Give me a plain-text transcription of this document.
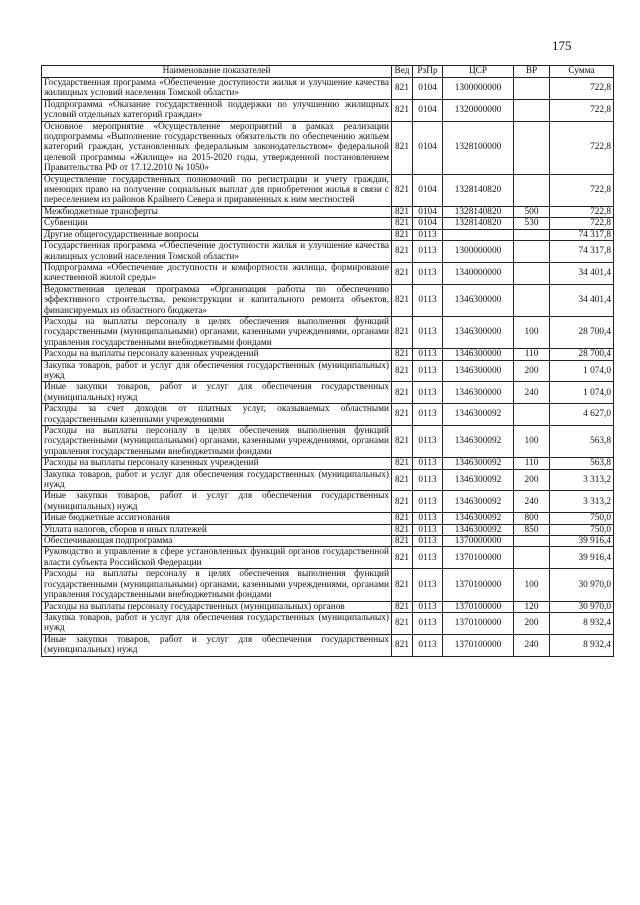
175
Наименование показателей	Вед	РзПр	ЦСР	ВР	Сумма
Государственная программа «Обеспечение доступности жилья и улучшение качества жилищных условий населения Томской области»	821	0104	1300000000		722,8
Подпрограмма «Оказание государственной поддержки по улучшению жилищных условий отдельных категорий граждан»	821	0104	1320000000		722,8
Основное мероприятие «Осуществление мероприятий в рамках реализации подпрограммы «Выполнение государственных обязательств по обеспечению жильем категорий граждан, установленных федеральным законодательством» федеральной целевой программы «Жилище» на 2015-2020 годы, утвержденной постановлением Правительства РФ от 17.12.2010 № 1050»	821	0104	1328100000		722,8
Осуществление государственных полномочий по регистрации и учету граждан, имеющих право на получение социальных выплат для приобретения жилья в связи с переселением из районов Крайнего Севера и приравненных к ним местностей	821	0104	1328140820		722,8
Межбюджетные трансферты	821	0104	1328140820	500	722,8
Субвенции	821	0104	1328140820	530	722,8
Другие общегосударственные вопросы	821	0113			74 317,8
Государственная программа «Обеспечение доступности жилья и улучшение качества жилищных условий населения Томской области»	821	0113	1300000000		74 317,8
Подпрограмма «Обеспечение доступности и комфортности жилища, формирование качественной жилой среды»	821	0113	1340000000		34 401,4
Ведомственная целевая программа «Организация работы по обеспечению эффективного строительства, реконструкции и капитального ремонта объектов, финансируемых из областного бюджета»	821	0113	1346300000		34 401,4
Расходы на выплаты персоналу в целях обеспечения выполнения функций государственными (муниципальными) органами, казенными учреждениями, органами управления государственными внебюджетными фондами	821	0113	1346300000	100	28 700,4
Расходы на выплаты персоналу казенных учреждений	821	0113	1346300000	110	28 700,4
Закупка товаров, работ и услуг для обеспечения государственных (муниципальных) нужд	821	0113	1346300000	200	1 074,0
Иные закупки товаров, работ и услуг для обеспечения государственных (муниципальных) нужд	821	0113	1346300000	240	1 074,0
Расходы за счет доходов от платных услуг, оказываемых областными государственными казенными учреждениями	821	0113	1346300092		4 627,0
Расходы на выплаты персоналу в целях обеспечения выполнения функций государственными (муниципальными) органами, казенными учреждениями, органами управления государственными внебюджетными фондами	821	0113	1346300092	100	563,8
Расходы на выплаты персоналу казенных учреждений	821	0113	1346300092	110	563,8
Закупка товаров, работ и услуг для обеспечения государственных (муниципальных) нужд	821	0113	1346300092	200	3 313,2
Иные закупки товаров, работ и услуг для обеспечения государственных (муниципальных) нужд	821	0113	1346300092	240	3 313,2
Иные бюджетные ассигнования	821	0113	1346300092	800	750,0
Уплата налогов, сборов и иных платежей	821	0113	1346300092	850	750,0
Обеспечивающая подпрограмма	821	0113	1370000000		39 916,4
Руководство и управление в сфере установленных функций органов государственной власти субъекта Российской Федерации	821	0113	1370100000		39 916,4
Расходы на выплаты персоналу в целях обеспечения выполнения функций государственными (муниципальными) органами, казенными учреждениями, органами управления государственными внебюджетными фондами	821	0113	1370100000	100	30 970,0
Расходы на выплаты персоналу государственных (муниципальных) органов	821	0113	1370100000	120	30 970,0
Закупка товаров, работ и услуг для обеспечения государственных (муниципальных) нужд	821	0113	1370100000	200	8 932,4
Иные закупки товаров, работ и услуг для обеспечения государственных (муниципальных) нужд	821	0113	1370100000	240	8 932,4
